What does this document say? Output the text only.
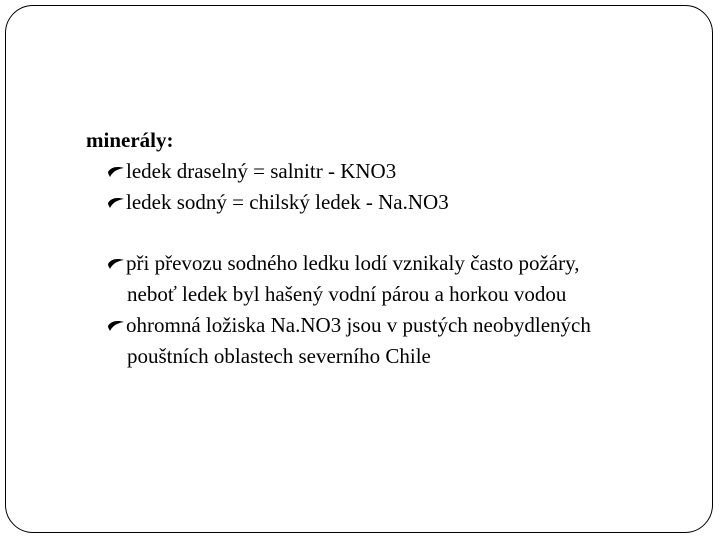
minerály:

ledek draselný = salnitr - KNO3

ledek sodný = chilský ledek - Na.NO3

při převozu sodného ledku lodí vznikaly často požáry,

neboť ledek byl hašený vodní párou a horkou vodou

ohromná ložiska Na.NO3 jsou v pustých neobydlených

pouštních oblastech severního Chile
